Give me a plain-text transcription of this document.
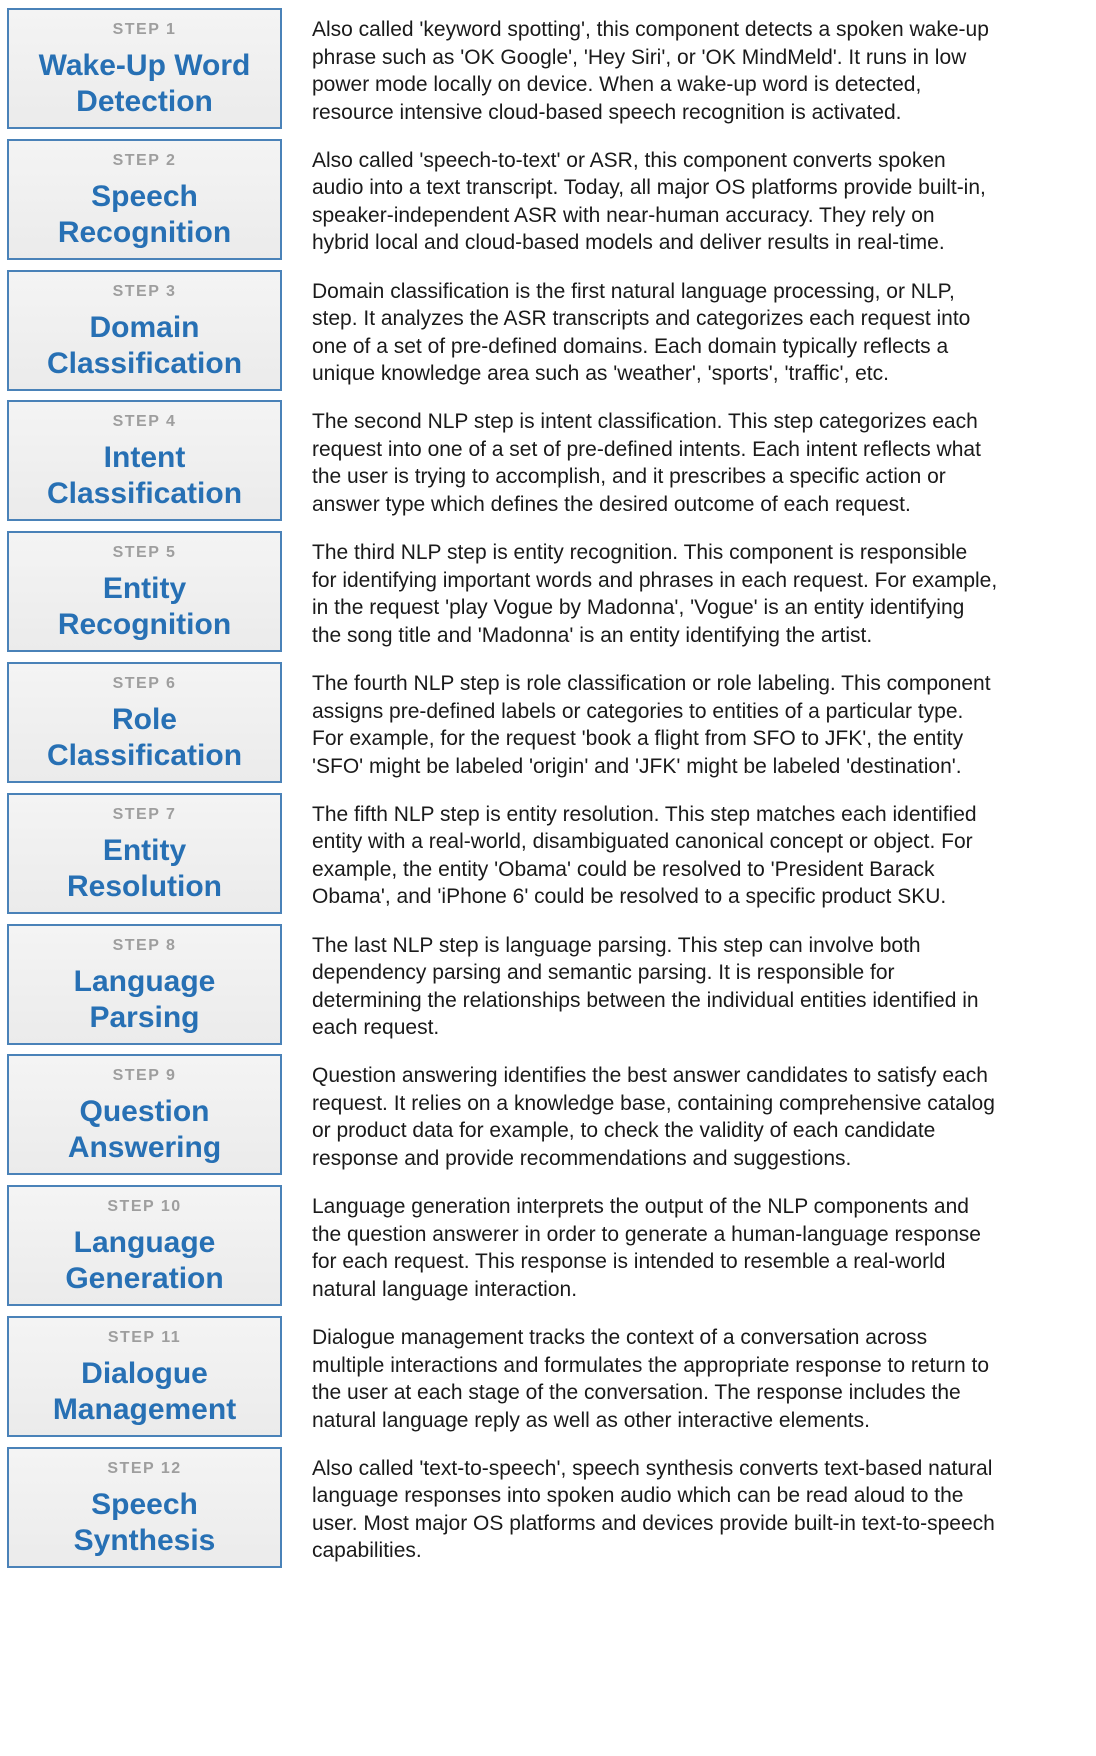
STEP 1
Wake-Up Word
Detection
Also called 'keyword spotting', this component detects a spoken wake-up
phrase such as 'OK Google', 'Hey Siri', or 'OK MindMeld'. It runs in low
power mode locally on device. When a wake-up word is detected,
resource intensive cloud-based speech recognition is activated.
STEP 2
Speech
Recognition
Also called 'speech-to-text' or ASR, this component converts spoken
audio into a text transcript. Today, all major OS platforms provide built-in,
speaker-independent ASR with near-human accuracy. They rely on
hybrid local and cloud-based models and deliver results in real-time.
STEP 3
Domain
Classification
Domain classification is the first natural language processing, or NLP,
step. It analyzes the ASR transcripts and categorizes each request into
one of a set of pre-defined domains. Each domain typically reflects a
unique knowledge area such as 'weather', 'sports', 'traffic', etc.
STEP 4
Intent
Classification
The second NLP step is intent classification. This step categorizes each
request into one of a set of pre-defined intents. Each intent reflects what
the user is trying to accomplish, and it prescribes a specific action or
answer type which defines the desired outcome of each request.
STEP 5
Entity
Recognition
The third NLP step is entity recognition. This component is responsible
for identifying important words and phrases in each request. For example,
in the request 'play Vogue by Madonna', 'Vogue' is an entity identifying
the song title and 'Madonna' is an entity identifying the artist.
STEP 6
Role
Classification
The fourth NLP step is role classification or role labeling. This component
assigns pre-defined labels or categories to entities of a particular type.
For example, for the request 'book a flight from SFO to JFK', the entity
'SFO' might be labeled 'origin' and 'JFK' might be labeled 'destination'.
STEP 7
Entity
Resolution
The fifth NLP step is entity resolution. This step matches each identified
entity with a real-world, disambiguated canonical concept or object. For
example, the entity 'Obama' could be resolved to 'President Barack
Obama', and 'iPhone 6' could be resolved to a specific product SKU.
STEP 8
Language
Parsing
The last NLP step is language parsing. This step can involve both
dependency parsing and semantic parsing. It is responsible for
determining the relationships between the individual entities identified in
each request.
STEP 9
Question
Answering
Question answering identifies the best answer candidates to satisfy each
request. It relies on a knowledge base, containing comprehensive catalog
or product data for example, to check the validity of each candidate
response and provide recommendations and suggestions.
STEP 10
Language
Generation
Language generation interprets the output of the NLP components and
the question answerer in order to generate a human-language response
for each request. This response is intended to resemble a real-world
natural language interaction.
STEP 11
Dialogue
Management
Dialogue management tracks the context of a conversation across
multiple interactions and formulates the appropriate response to return to
the user at each stage of the conversation. The response includes the
natural language reply as well as other interactive elements.
STEP 12
Speech
Synthesis
Also called 'text-to-speech', speech synthesis converts text-based natural
language responses into spoken audio which can be read aloud to the
user. Most major OS platforms and devices provide built-in text-to-speech
capabilities.
